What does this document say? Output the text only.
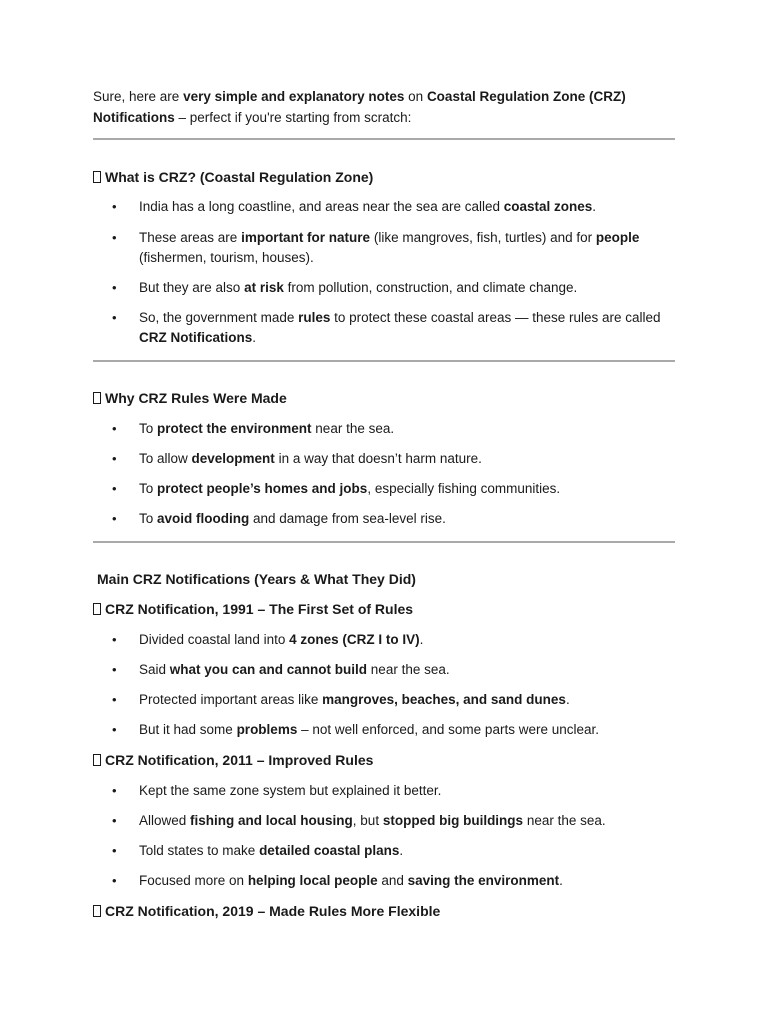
Sure, here are very simple and explanatory notes on Coastal Regulation Zone (CRZ) Notifications – perfect if you're starting from scratch:
What is CRZ? (Coastal Regulation Zone)
• India has a long coastline, and areas near the sea are called coastal zones.
• These areas are important for nature (like mangroves, fish, turtles) and for people (fishermen, tourism, houses).
• But they are also at risk from pollution, construction, and climate change.
• So, the government made rules to protect these coastal areas — these rules are called CRZ Notifications.
Why CRZ Rules Were Made
• To protect the environment near the sea.
• To allow development in a way that doesn’t harm nature.
• To protect people’s homes and jobs, especially fishing communities.
• To avoid flooding and damage from sea-level rise.
Main CRZ Notifications (Years & What They Did)
CRZ Notification, 1991 – The First Set of Rules
• Divided coastal land into 4 zones (CRZ I to IV).
• Said what you can and cannot build near the sea.
• Protected important areas like mangroves, beaches, and sand dunes.
• But it had some problems – not well enforced, and some parts were unclear.
CRZ Notification, 2011 – Improved Rules
• Kept the same zone system but explained it better.
• Allowed fishing and local housing, but stopped big buildings near the sea.
• Told states to make detailed coastal plans.
• Focused more on helping local people and saving the environment.
CRZ Notification, 2019 – Made Rules More Flexible
